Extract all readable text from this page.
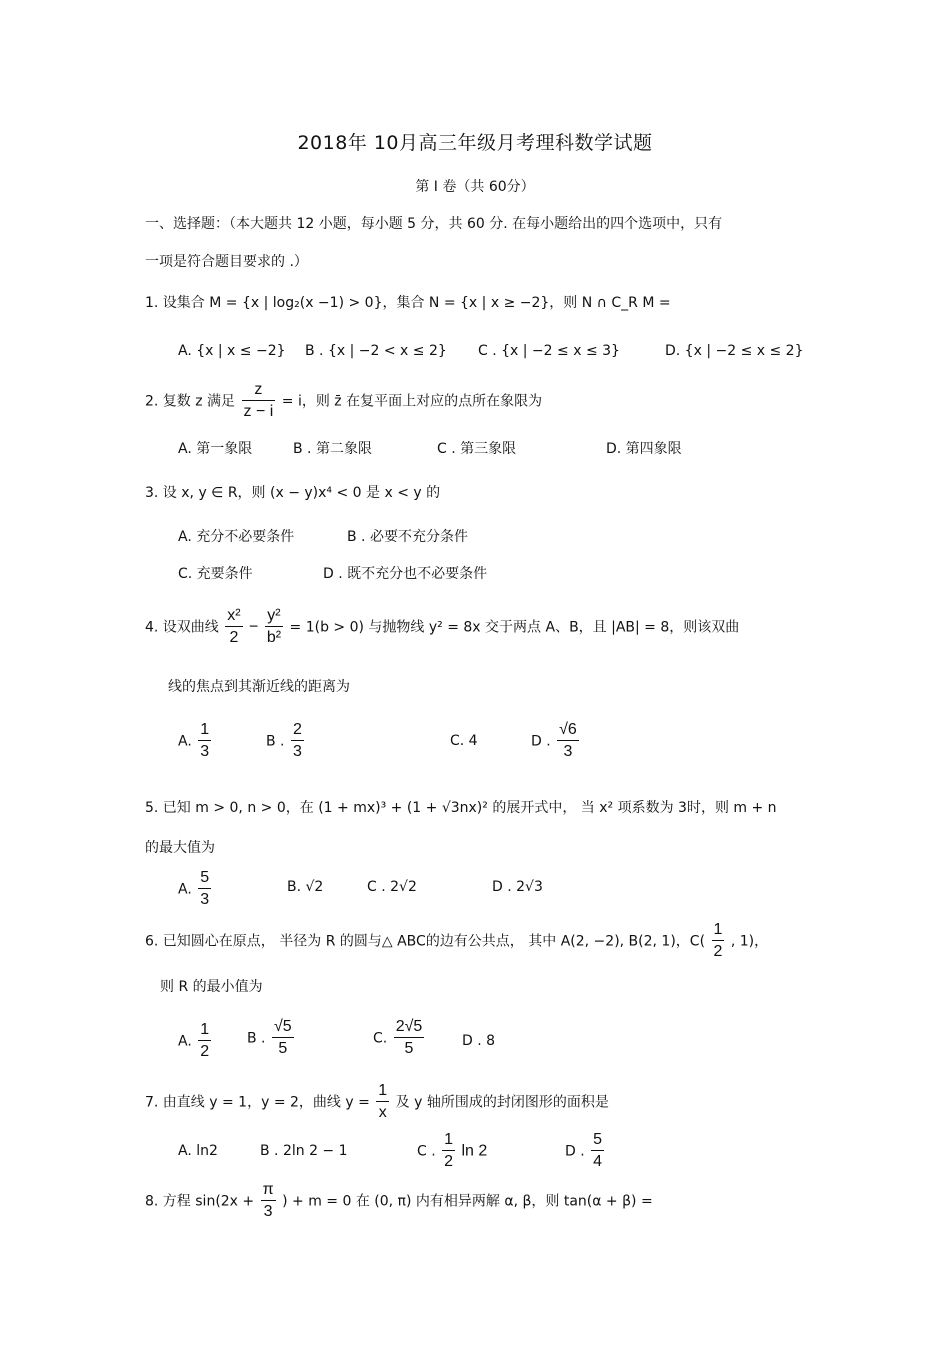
2018年 10月高三年级月考理科数学试题
第 I 卷（共 60分）
一、选择题：（本大题共 12 小题，每小题 5 分，共 60 分. 在每小题给出的四个选项中，只有
一项是符合题目要求的 .）
1. 设集合 M = {x | log₂(x −1) > 0}，集合 N = {x | x ≥ −2}，则 N ∩ C_R M =
A. {x | x ≤ −2} B . {x | −2 < x ≤ 2} C . {x | −2 ≤ x ≤ 3}	D. {x | −2 ≤ x ≤ 2}
2. 复数 z 满足 $\frac{z}{z - i} = i$，则 z̄ 在复平面上对应的点所在象限为
A. 第一象限	B . 第二象限	C . 第三象限	D. 第四象限
3. 设 x, y ∈ R，则 (x − y)x⁴ < 0 是 x < y 的
A. 充分不必要条件	B . 必要不充分条件
C. 充要条件	D . 既不充分也不必要条件
4. 设双曲线 $\frac{\text{x²}}{2} - \frac{\text{y²}}{\text{b²}} = 1(b > 0)$ 与抛物线 y² = 8x 交于两点 A、B，且 |AB| = 8，则该双曲
线的焦点到其渐近线的距离为
A. $\frac{1}{3}$	B . $\frac{2}{3}$	C. 4	D . $\frac{√6}{3}$
5. 已知 m > 0, n > 0，在 (1 + mx)³ + (1 + √3nx)² 的展开式中， 当 x² 项系数为 3时，则 m + n
的最大值为
A. $\frac{5}{3}$	B. √2	C . 2√2	D . 2√3
6. 已知圆心在原点， 半径为 R 的圆与△ ABC的边有公共点， 其中 A(2, −2), B(2, 1)，$C( \frac{1}{2}$ , 1)，
则 R 的最小值为
A. $\frac{1}{2}$	B . $\frac{√5}{5}$	C. $\frac{2√5}{5}$	D . 8
7. 由直线 y = 1，y = 2，曲线 $y = \frac{1}{x}$ 及 y 轴所围成的封闭图形的面积是
A. ln2	B . 2ln 2 − 1	C . $\frac{1}{2}$ ln 2	D . $\frac{5}{4}$
8. 方程 $\sin(2x + \frac{\pi}{3}$ ) + m = 0 在 (0, π) 内有相异两解 α, β，则 tan(α + β) =
